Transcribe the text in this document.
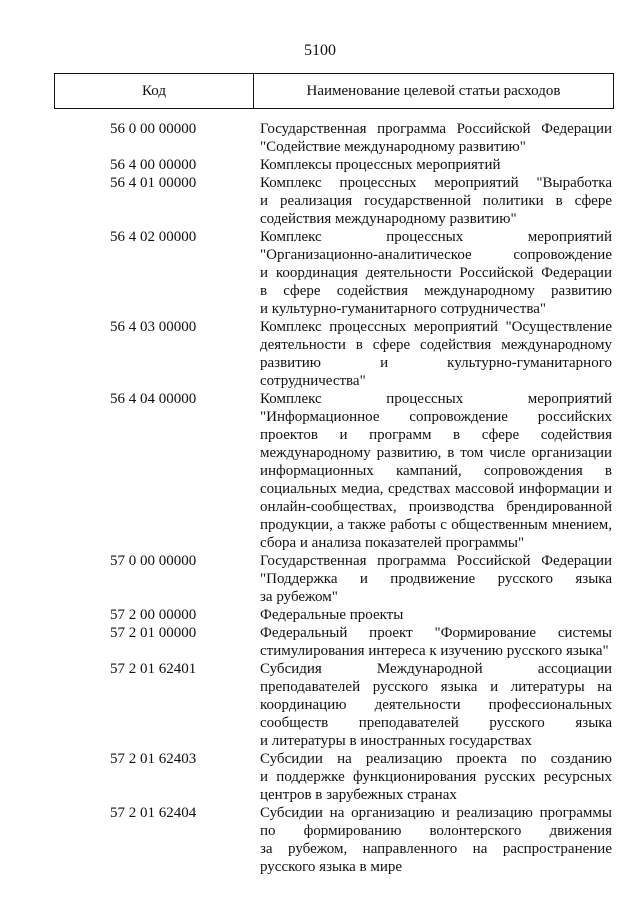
5100
Код	Наименование целевой статьи расходов
56 0 00 00000	Государственная программа Российской Федерации
"Содействие международному развитию"
56 4 00 00000	Комплексы процессных мероприятий
56 4 01 00000	Комплекс процессных мероприятий "Выработка
и реализация государственной политики в сфере
содействия международному развитию"
56 4 02 00000	Комплекс процессных мероприятий
"Организационно-аналитическое сопровождение
и координация деятельности Российской Федерации
в сфере содействия международному развитию
и культурно-гуманитарного сотрудничества"
56 4 03 00000	Комплекс процессных мероприятий "Осуществление
деятельности в сфере содействия международному
развитию и культурно-гуманитарного
сотрудничества"
56 4 04 00000	Комплекс процессных мероприятий
"Информационное сопровождение российских
проектов и программ в сфере содействия
международному развитию, в том числе организации
информационных кампаний, сопровождения в
социальных медиа, средствах массовой информации и
онлайн-сообществах, производства брендированной
продукции, а также работы с общественным мнением,
сбора и анализа показателей программы"
57 0 00 00000	Государственная программа Российской Федерации
"Поддержка и продвижение русского языка
за рубежом"
57 2 00 00000	Федеральные проекты
57 2 01 00000	Федеральный проект "Формирование системы
стимулирования интереса к изучению русского языка"
57 2 01 62401	Субсидия Международной ассоциации
преподавателей русского языка и литературы на
координацию деятельности профессиональных
сообществ преподавателей русского языка
и литературы в иностранных государствах
57 2 01 62403	Субсидии на реализацию проекта по созданию
и поддержке функционирования русских ресурсных
центров в зарубежных странах
57 2 01 62404	Субсидии на организацию и реализацию программы
по формированию волонтерского движения
за рубежом, направленного на распространение
русского языка в мире
